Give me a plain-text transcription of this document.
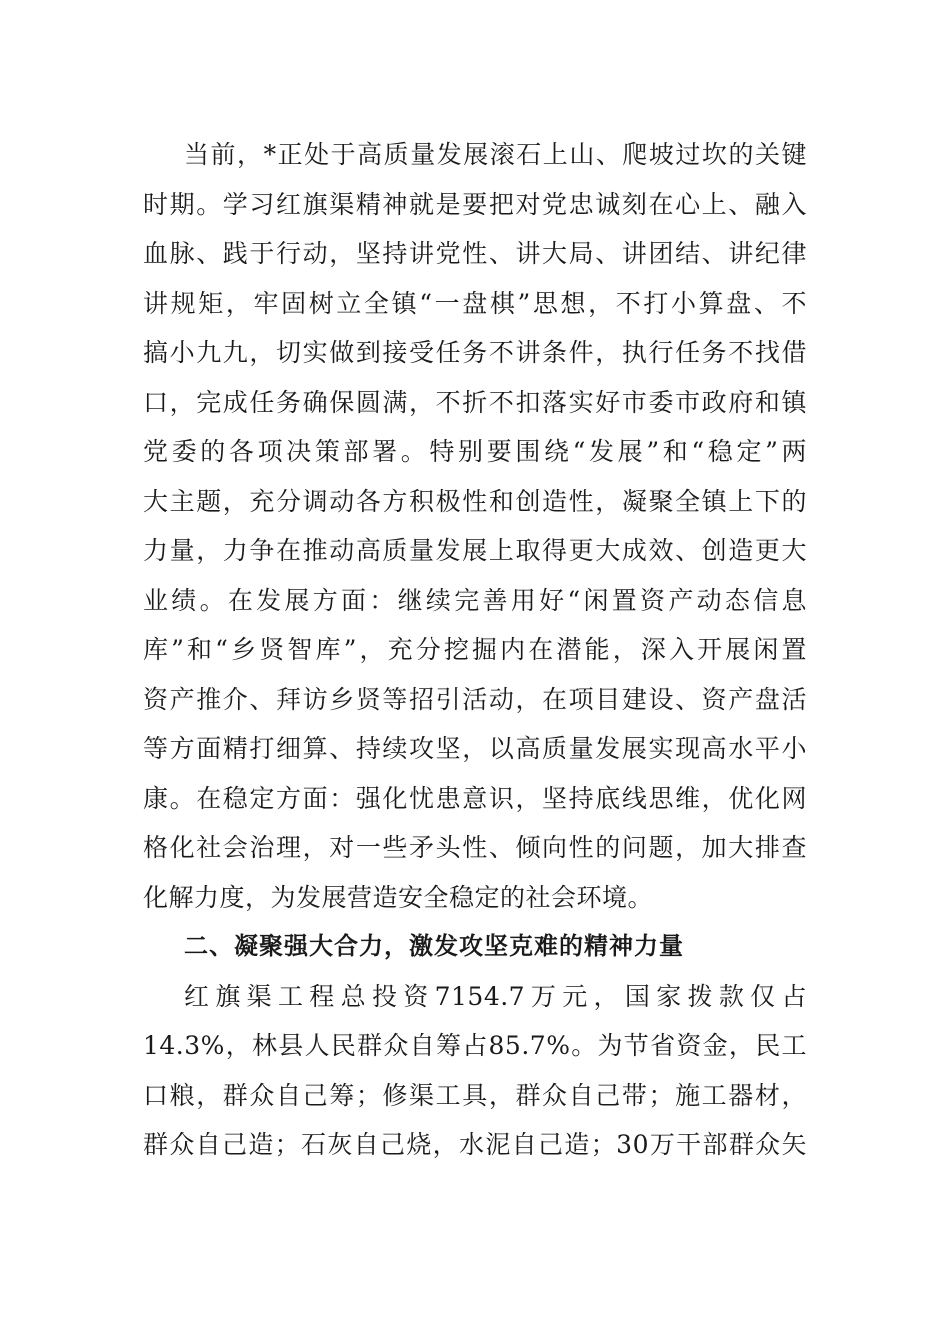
当前，*正处于高质量发展滚石上山、爬坡过坎的关键
时期。学习红旗渠精神就是要把对党忠诚刻在心上、融入
血脉、践于行动，坚持讲党性、讲大局、讲团结、讲纪律
讲规矩，牢固树立全镇“一盘棋”思想，不打小算盘、不
搞小九九，切实做到接受任务不讲条件，执行任务不找借
口，完成任务确保圆满，不折不扣落实好市委市政府和镇
党委的各项决策部署。特别要围绕“发展”和“稳定”两
大主题，充分调动各方积极性和创造性，凝聚全镇上下的
力量，力争在推动高质量发展上取得更大成效、创造更大
业绩。在发展方面：继续完善用好“闲置资产动态信息
库”和“乡贤智库”，充分挖掘内在潜能，深入开展闲置
资产推介、拜访乡贤等招引活动，在项目建设、资产盘活
等方面精打细算、持续攻坚，以高质量发展实现高水平小
康。在稳定方面：强化忧患意识，坚持底线思维，优化网
格化社会治理，对一些矛头性、倾向性的问题，加大排查
化解力度，为发展营造安全稳定的社会环境。
二、凝聚强大合力，激发攻坚克难的精神力量
红旗渠工程总投资7154.7万元，国家拨款仅占
14.3%，林县人民群众自筹占85.7%。为节省资金，民工
口粮，群众自己筹；修渠工具，群众自己带；施工器材，
群众自己造；石灰自己烧，水泥自己造；30万干部群众矢
